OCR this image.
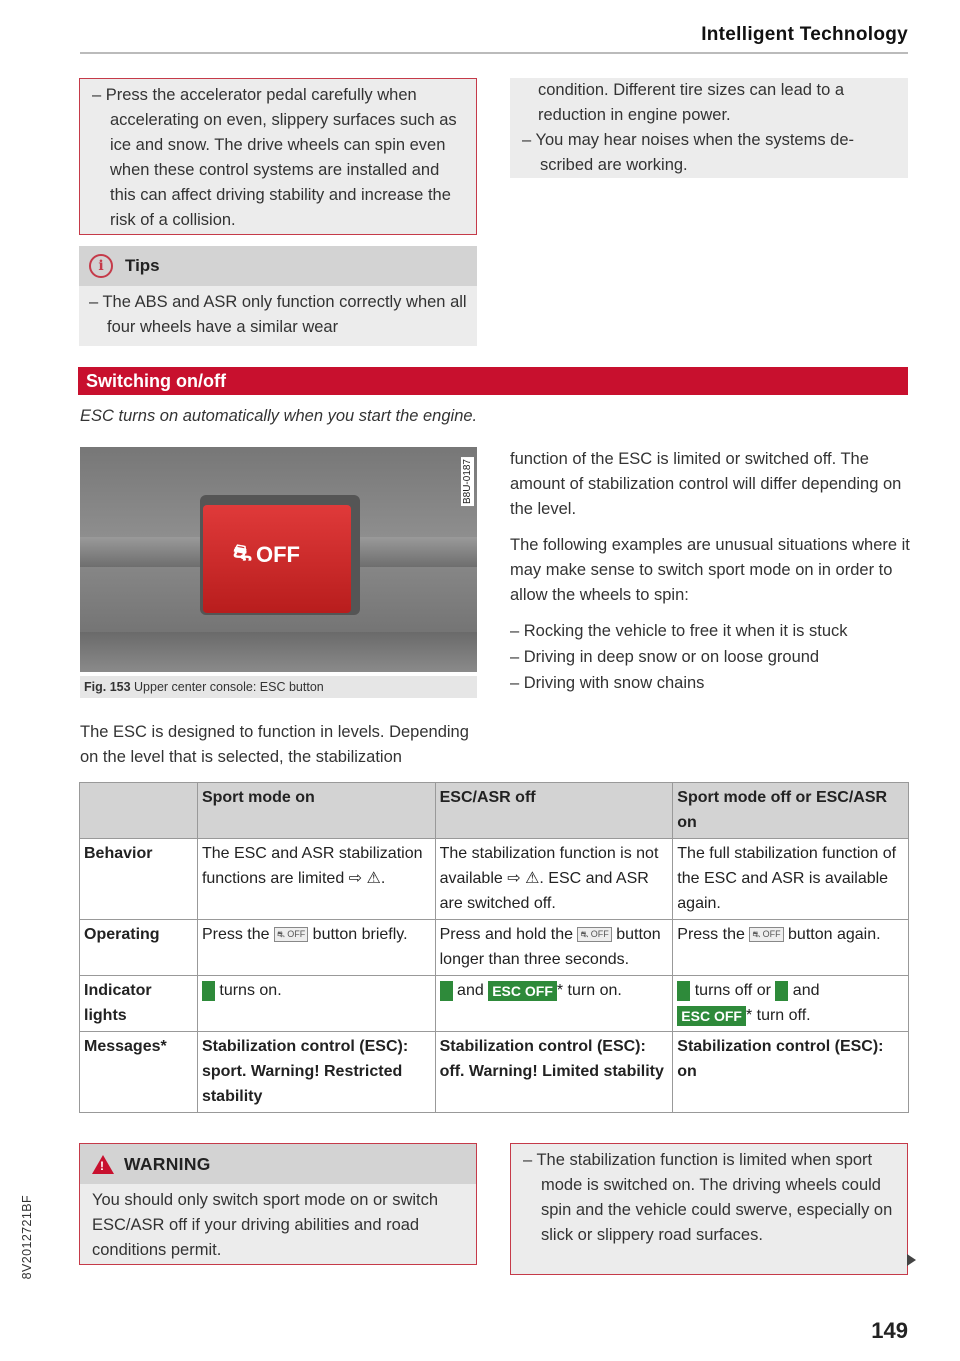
Intelligent Technology

– Press the accelerator pedal carefully when accelerating on even, slippery surfaces such as ice and snow. The drive wheels can spin even when these control systems are installed and this can affect driving stability and increase the risk of a collision.

i	Tips

– The ABS and ASR only function correctly when all four wheels have a similar wear

condition. Different tire sizes can lead to a reduction in engine power.

– You may hear noises when the systems described are working.

Switching on/off
ESC turns on automatically when you start the engine.
⛐ OFF
B8U-0187
Fig. 153 Upper center console: ESC button
The ESC is designed to function in levels. Depending on the level that is selected, the stabilization

function of the ESC is limited or switched off. The amount of stabilization control will differ depending on the level.

The following examples are unusual situations where it may make sense to switch sport mode on in order to allow the wheels to spin:

– Rocking the vehicle to free it when it is stuck

– Driving in deep snow or on loose ground

– Driving with snow chains

	Sport mode on	ESC/ASR off	Sport mode off or ESC/ASR on
Behavior	The ESC and ASR stabilization functions are limited ⇨ ⚠.	The stabilization function is not available ⇨ ⚠. ESC and ASR are switched off.	The full stabilization function of the ESC and ASR is available again.
Operating	Press the ⛐ OFF button briefly.	Press and hold the ⛐ OFF button longer than three seconds.	Press the ⛐ OFF button again.
Indicator lights	turns on.	and ESC OFF * turn on.	turns off or  and
ESC OFF * turn off.
Messages*	Stabilization control (ESC): sport. Warning! Restricted stability	Stabilization control (ESC): off. Warning! Limited stability	Stabilization control (ESC): on
! WARNING
You should only switch sport mode on or switch ESC/ASR off if your driving abilities and road conditions permit.

– The stabilization function is limited when sport mode is switched on. The driving wheels could spin and the vehicle could swerve, especially on slick or slippery road surfaces.

8V2012721BF
149
